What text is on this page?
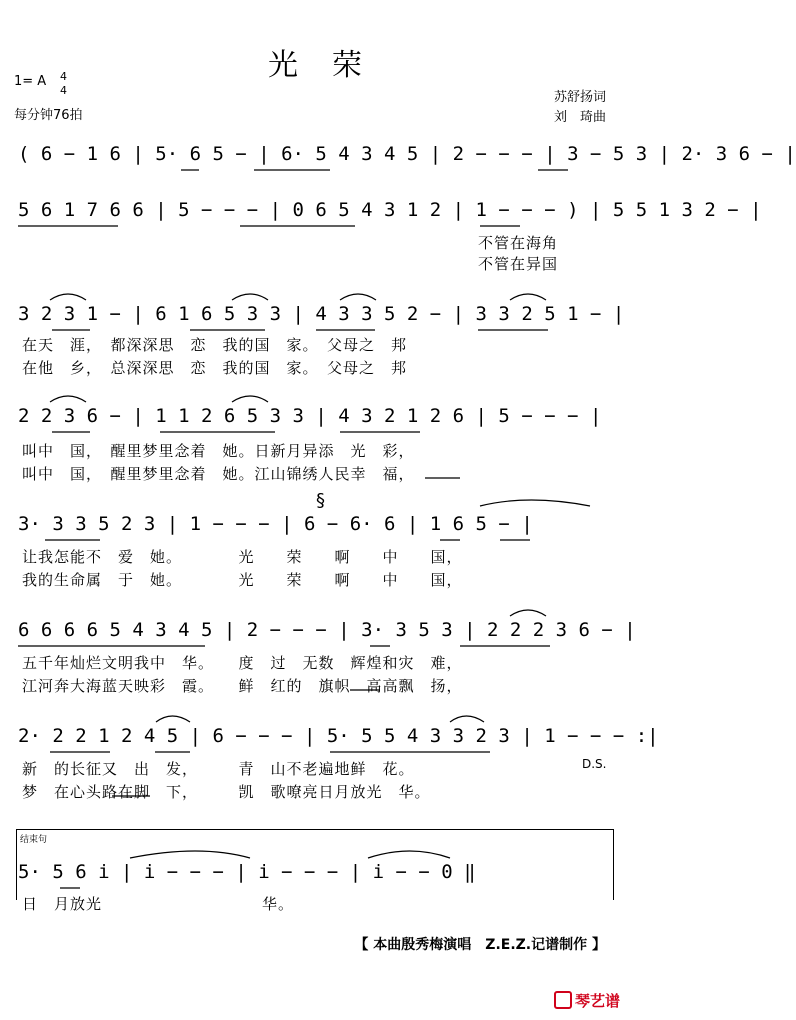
光　荣
1= A 4
4
每分钟76拍
苏舒扬词
刘　琦曲
( 6 − 1 6 | 5· 6 5 − | 6· 5 4 3 4 5 | 2 − − − | 3 − 5 3 | 2· 3 6 − |
5 6 1 7 6 6 | 5 − − − | 0 6 5 4 3 1 2 | 1 − − − ) | 5 5 1 3 2 − |
3 2 3 1 − | 6 1 6 5 3 3 | 4 3 3 5 2 − | 3 3 2 5 1 − |
2 2 3 6 − | 1 1 2 6 5 3 3 | 4 3 2 1 2 6 | 5 − − − |
3· 3 3 5 2 3 | 1 − − − | 6 − 6· 6 | 1 6 5 − |
6 6 6 6 5 4 3 4 5 | 2 − − − | 3· 3 5 3 | 2 2 2 3 6 − |
2· 2 2 1 2 4 5 | 6 − − − | 5· 5 5 4 3 3 2 3 | 1 − − − :|
5· 5 6 i | i − − − | i − − − | i − − 0 ‖
不管在海角
不管在异国
在天　涯，　都深深思　恋　我的国　家。　父母之　邦
在他　乡，　总深深思　恋　我的国　家。　父母之　邦
叫中　国，　醒里梦里念着　她。日新月异添　光　彩，
叫中　国，　醒里梦里念着　她。江山锦绣人民幸　福，
让我怎能不　爱　她。　　　　光　　荣　　啊　　中　　国，
我的生命属　于　她。　　　　光　　荣　　啊　　中　　国，
五千年灿烂文明我中　华。　　度　过　无数　辉煌和灾　难，
江河奔大海蓝天映彩　霞。　　鲜　红的　旗帜　高高飘　扬，
新　的长征又　出　发，　　　青　山不老遍地鲜　花。
梦　在心头路在脚　下，　　　凯　歌嘹亮日月放光　华。
日　月放光　　　　　　　　　　华。
§
D.S.
结束句
【 本曲殷秀梅演唱　Z.E.Z.记谱制作 】
琴艺谱
